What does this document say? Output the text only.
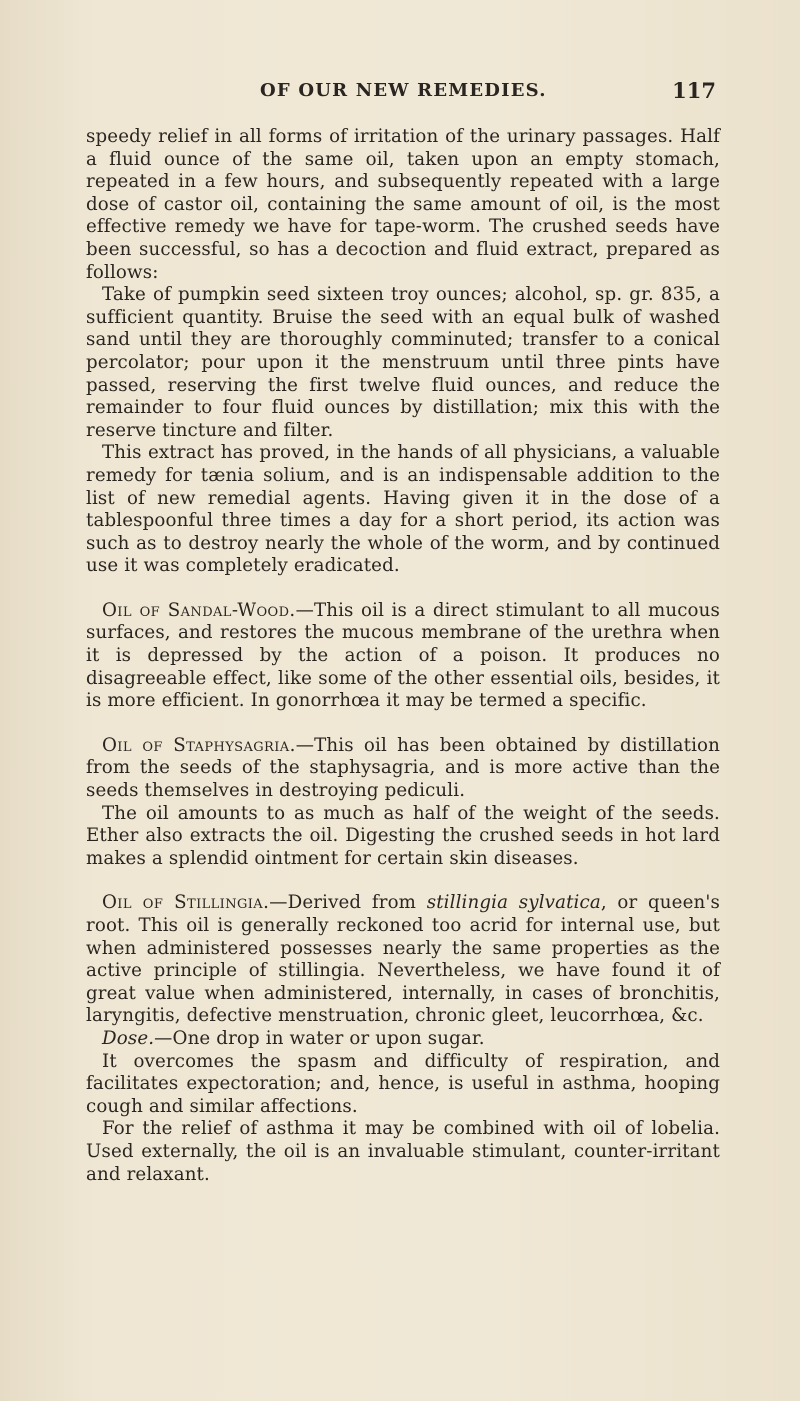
OF OUR NEW REMEDIES.	117

speedy relief in all forms of irritation of the urinary passages. Half a fluid ounce of the same oil, taken upon an empty stomach, repeated in a few hours, and subsequently repeated with a large dose of castor oil, containing the same amount of oil, is the most effective remedy we have for tape-worm. The crushed seeds have been successful, so has a decoction and fluid extract, prepared as follows:

Take of pumpkin seed sixteen troy ounces; alcohol, sp. gr. 835, a sufficient quantity. Bruise the seed with an equal bulk of washed sand until they are thoroughly comminuted; transfer to a conical percolator; pour upon it the menstruum until three pints have passed, reserving the first twelve fluid ounces, and reduce the remainder to four fluid ounces by distillation; mix this with the reserve tincture and filter.

This extract has proved, in the hands of all physicians, a valuable remedy for tænia solium, and is an indispensable addition to the list of new remedial agents. Having given it in the dose of a tablespoonful three times a day for a short period, its action was such as to destroy nearly the whole of the worm, and by continued use it was completely eradicated.

Oil of Sandal-Wood.—This oil is a direct stimulant to all mucous surfaces, and restores the mucous membrane of the urethra when it is depressed by the action of a poison. It produces no disagreeable effect, like some of the other essential oils, besides, it is more efficient. In gonorrhœa it may be termed a specific.

Oil of Staphysagria.—This oil has been obtained by distillation from the seeds of the staphysagria, and is more active than the seeds themselves in destroying pediculi.

The oil amounts to as much as half of the weight of the seeds. Ether also extracts the oil. Digesting the crushed seeds in hot lard makes a splendid ointment for certain skin diseases.

Oil of Stillingia.—Derived from stillingia sylvatica, or queen's root. This oil is generally reckoned too acrid for internal use, but when administered possesses nearly the same properties as the active principle of stillingia. Nevertheless, we have found it of great value when administered, internally, in cases of bronchitis, laryngitis, defective menstruation, chronic gleet, leucorrhœa, &c.

Dose.—One drop in water or upon sugar.

It overcomes the spasm and difficulty of respiration, and facilitates expectoration; and, hence, is useful in asthma, hooping cough and similar affections.

For the relief of asthma it may be combined with oil of lobelia. Used externally, the oil is an invaluable stimulant, counter-irritant and relaxant.
